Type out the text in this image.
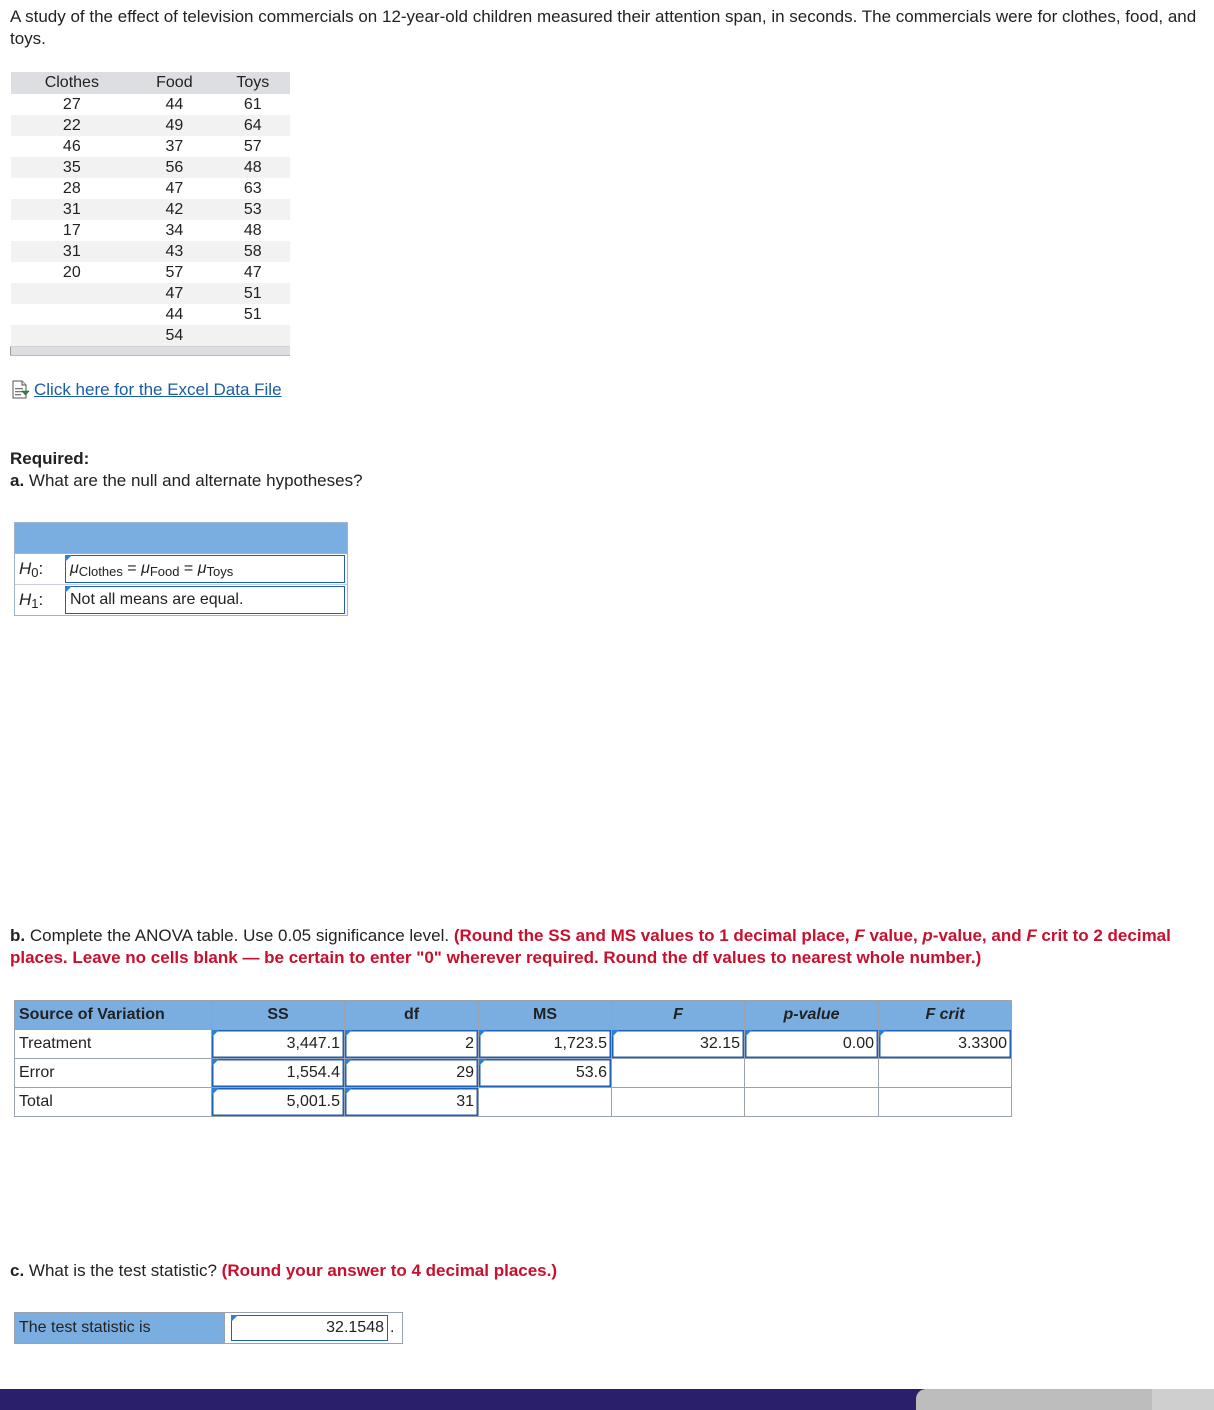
A study of the effect of television commercials on 12-year-old children measured their attention span, in seconds. The commercials were for clothes, food, and toys.

Clothes	Food	Toys
27	44	61
22	49	64
46	37	57
35	56	48
28	47	63
31	42	53
17	34	48
31	43	58
20	57	47
	47	51
	44	51
	54	

Click here for the Excel Data File
Required:
a. What are the null and alternate hypotheses?
$H_0$:	$\mu_{Clothes} = \mu_{Food} = \mu_{Toys}$
$H_1$:	Not all means are equal.
b. Complete the ANOVA table. Use 0.05 significance level. (Round the SS and MS values to 1 decimal place, F value, p-value, and F crit to 2 decimal places. Leave no cells blank — be certain to enter "0" wherever required. Round the df values to nearest whole number.)
Source of Variation	SS	df	MS	F	p-value	F crit
Treatment	3,447.1	2	1,723.5	32.15	0.00	3.3300
Error	1,554.4	29	53.6			
Total	5,001.5	31				
c. What is the test statistic? (Round your answer to 4 decimal places.)
The test statistic is	32.1548 .
